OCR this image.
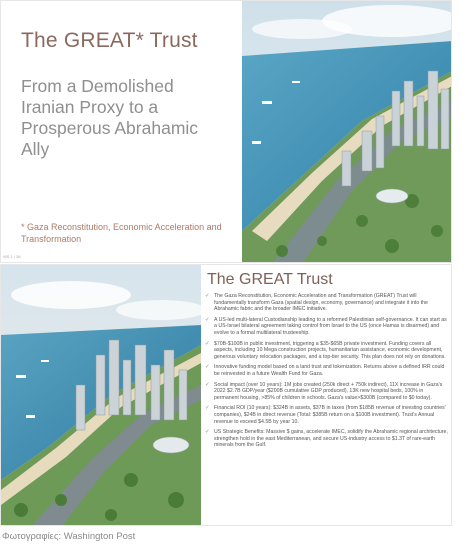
The GREAT* Trust
From a Demolished Iranian Proxy to a Prosperous Abrahamic Ally
* Gaza Reconstitution, Economic Acceleration and Transformation
WS 1 / 36
The GREAT Trust
✓ The Gaza Reconstitution, Economic Acceleration and Transformation (GREAT) Trust will fundamentally transform Gaza (spatial design, economy, governance) and integrate it into the Abrahamic fabric and the broader IMEC initiative.
✓ A US-led multi-lateral Custodianship leading to a reformed Palestinian self-governance. It can start as a US-Israel bilateral agreement taking control from Israel to the US (once Hamas is disarmed) and evolve to a formal multilateral trusteeship.
✓ $70B-$100B in public investment, triggering a $35-$65B private investment. Funding covers all aspects, including 10 Mega construction projects, humanitarian assistance, economic development, generous voluntary relocation packages, and a top-tier security. This plan does not rely on donations.
✓ Innovative funding model based on a land trust and tokenization. Returns above a defined IRR could be reinvested in a future Wealth Fund for Gaza.
✓ Social impact (over 10 years): 1M jobs created (250k direct + 750k indirect), 11X increase in Gaza's 2022 $2.7B GDP/year ($200B cumulative GDP produced), 13K new hospital beds, 100% in permanent housing, >85% of children in schools. Gaza's value>$300B (compared to $0 today).
✓ Financial ROI (10 years): $324B in assets, $37B in taxes (from $185B revenue of investing countries' companies), $24B in direct revenue (Total: $385B return on a $100B investment). Trust's Annual revenue to exceed $4.5B by year 10.
✓ US Strategic Benefits: Massive $ gains, accelerate IMEC, solidify the Abrahamic regional architecture, strengthen hold in the east Mediterranean, and secure US-industry access to $1.3T of rare-earth minerals from the Gulf.
Φωτογραφίες: Washington Post
